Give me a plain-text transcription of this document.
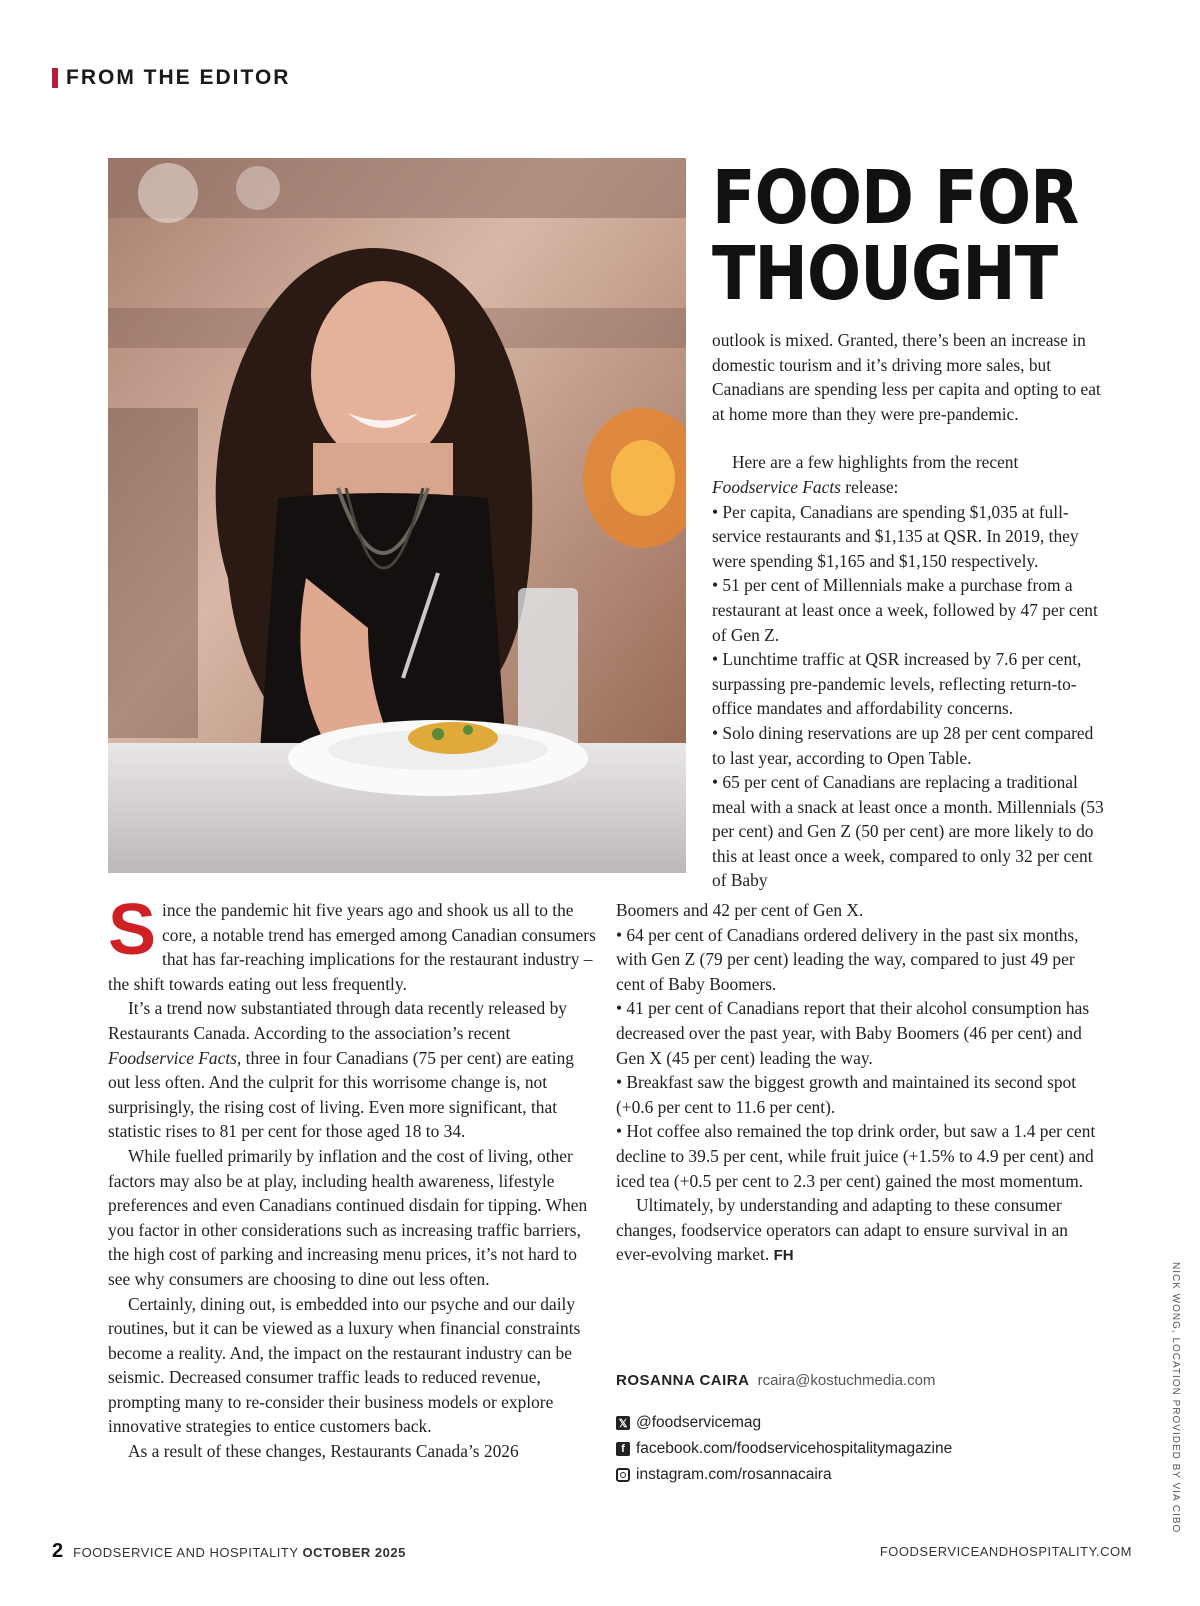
FROM THE EDITOR
FOOD FOR
THOUGHT

Since the pandemic hit five years ago and shook us all to the core, a notable trend has emerged among Canadian consumers that has far-reaching implications for the restaurant industry – the shift towards eating out less frequently.

It’s a trend now substantiated through data recently released by Restaurants Canada. According to the association’s recent Foodservice Facts, three in four Canadians (75 per cent) are eating out less often. And the culprit for this worrisome change is, not surprisingly, the rising cost of living. Even more significant, that statistic rises to 81 per cent for those aged 18 to 34.

While fuelled primarily by inflation and the cost of living, other factors may also be at play, including health awareness, lifestyle preferences and even Canadians continued disdain for tipping. When you factor in other considerations such as increasing traffic barriers, the high cost of parking and increasing menu prices, it’s not hard to see why consumers are choosing to dine out less often.

Certainly, dining out, is embedded into our psyche and our daily routines, but it can be viewed as a luxury when financial constraints become a reality. And, the impact on the restaurant industry can be seismic. Decreased consumer traffic leads to reduced revenue, prompting many to re-consider their business models or explore innovative strategies to entice customers back.

As a result of these changes, Restaurants Canada’s 2026

outlook is mixed. Granted, there’s been an increase in domestic tourism and it’s driving more sales, but Canadians are spending less per capita and opting to eat at home more than they were pre-pandemic.

Here are a few highlights from the recent
Foodservice Facts release:

• Per capita, Canadians are spending $1,035 at full-service restaurants and $1,135 at QSR. In 2019, they were spending $1,165 and $1,150 respectively.

• 51 per cent of Millennials make a purchase from a restaurant at least once a week, followed by 47 per cent of Gen Z.

• Lunchtime traffic at QSR increased by 7.6 per cent, surpassing pre-pandemic levels, reflecting return-to-office mandates and affordability concerns.

• Solo dining reservations are up 28 per cent compared to last year, according to Open Table.

• 65 per cent of Canadians are replacing a traditional meal with a snack at least once a month. Millennials (53 per cent) and Gen Z (50 per cent) are more likely to do this at least once a week, compared to only 32 per cent of Baby

Boomers and 42 per cent of Gen X.

• 64 per cent of Canadians ordered delivery in the past six months, with Gen Z (79 per cent) leading the way, compared to just 49 per cent of Baby Boomers.

• 41 per cent of Canadians report that their alcohol consumption has decreased over the past year, with Baby Boomers (46 per cent) and Gen X (45 per cent) leading the way.

• Breakfast saw the biggest growth and maintained its second spot (+0.6 per cent to 11.6 per cent).

• Hot coffee also remained the top drink order, but saw a 1.4 per cent decline to 39.5 per cent, while fruit juice (+1.5% to 4.9 per cent) and iced tea (+0.5 per cent to 2.3 per cent) gained the most momentum.

Ultimately, by understanding and adapting to these consumer changes, foodservice operators can adapt to ensure survival in an ever-evolving market. FH

ROSANNA CAIRA rcaira@kostuchmedia.com
𝕏 @foodservicemag
f facebook.com/foodservicehospitalitymagazine
instagram.com/rosannacaira	NICK WONG, LOCATION PROVIDED BY VIA CIBO
2 FOODSERVICE AND HOSPITALITY OCTOBER 2025	FOODSERVICEANDHOSPITALITY.COM
